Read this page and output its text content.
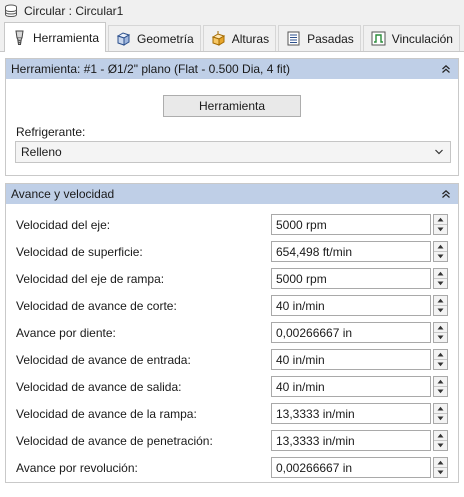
Circular : Circular1
Herramienta	Geometría	Alturas	Pasadas	Vinculación
Herramienta: #1 - Ø1/2" plano (Flat - 0.500 Dia, 4 fit)
Herramienta
Refrigerante:
Relleno
Avance y velocidad
Velocidad del eje:	5000 rpm
Velocidad de superficie:	654,498 ft/min
Velocidad del eje de rampa:	5000 rpm
Velocidad de avance de corte:	40 in/min
Avance por diente:	0,00266667 in
Velocidad de avance de entrada:	40 in/min
Velocidad de avance de salida:	40 in/min
Velocidad de avance de la rampa:	13,3333 in/min
Velocidad de avance de penetración:	13,3333 in/min
Avance por revolución:	0,00266667 in
